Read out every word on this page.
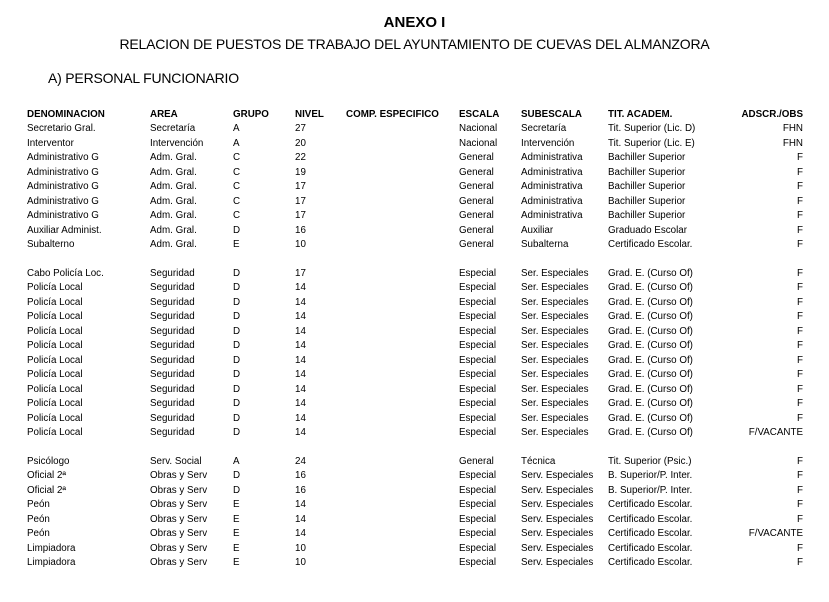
ANEXO I
RELACION DE PUESTOS DE TRABAJO DEL AYUNTAMIENTO DE CUEVAS DEL ALMANZORA
A) PERSONAL FUNCIONARIO
DENOMINACION	AREA	GRUPO	NIVEL	COMP. ESPECIFICO	ESCALA	SUBESCALA	TIT. ACADEM.	ADSCR./OBS
Secretario Gral.	Secretaría	A	27		Nacional	Secretaría	Tit. Superior (Lic. D)	FHN
Interventor	Intervención	A	20		Nacional	Intervención	Tit. Superior (Lic. E)	FHN
Administrativo G	Adm. Gral.	C	22		General	Administrativa	Bachiller Superior	F
Administrativo G	Adm. Gral.	C	19		General	Administrativa	Bachiller Superior	F
Administrativo G	Adm. Gral.	C	17		General	Administrativa	Bachiller Superior	F
Administrativo G	Adm. Gral.	C	17		General	Administrativa	Bachiller Superior	F
Administrativo G	Adm. Gral.	C	17		General	Administrativa	Bachiller Superior	F
Auxiliar Administ.	Adm. Gral.	D	16		General	Auxiliar	Graduado Escolar	F
Subalterno	Adm. Gral.	E	10		General	Subalterna	Certificado Escolar.	F

Cabo Policía Loc.	Seguridad	D	17		Especial	Ser. Especiales	Grad. E. (Curso Of)	F
Policía Local	Seguridad	D	14		Especial	Ser. Especiales	Grad. E. (Curso Of)	F
Policía Local	Seguridad	D	14		Especial	Ser. Especiales	Grad. E. (Curso Of)	F
Policía Local	Seguridad	D	14		Especial	Ser. Especiales	Grad. E. (Curso Of)	F
Policía Local	Seguridad	D	14		Especial	Ser. Especiales	Grad. E. (Curso Of)	F
Policía Local	Seguridad	D	14		Especial	Ser. Especiales	Grad. E. (Curso Of)	F
Policía Local	Seguridad	D	14		Especial	Ser. Especiales	Grad. E. (Curso Of)	F
Policía Local	Seguridad	D	14		Especial	Ser. Especiales	Grad. E. (Curso Of)	F
Policía Local	Seguridad	D	14		Especial	Ser. Especiales	Grad. E. (Curso Of)	F
Policía Local	Seguridad	D	14		Especial	Ser. Especiales	Grad. E. (Curso Of)	F
Policía Local	Seguridad	D	14		Especial	Ser. Especiales	Grad. E. (Curso Of)	F
Policía Local	Seguridad	D	14		Especial	Ser. Especiales	Grad. E. (Curso Of)	F/VACANTE

Psicólogo	Serv. Social	A	24		General	Técnica	Tit. Superior (Psic.)	F
Oficial 2ª	Obras y Serv	D	16		Especial	Serv. Especiales	B. Superior/P. Inter.	F
Oficial 2ª	Obras y Serv	D	16		Especial	Serv. Especiales	B. Superior/P. Inter.	F
Peón	Obras y Serv	E	14		Especial	Serv. Especiales	Certificado Escolar.	F
Peón	Obras y Serv	E	14		Especial	Serv. Especiales	Certificado Escolar.	F
Peón	Obras y Serv	E	14		Especial	Serv. Especiales	Certificado Escolar.	F/VACANTE
Limpiadora	Obras y Serv	E	10		Especial	Serv. Especiales	Certificado Escolar.	F
Limpiadora	Obras y Serv	E	10		Especial	Serv. Especiales	Certificado Escolar.	F
